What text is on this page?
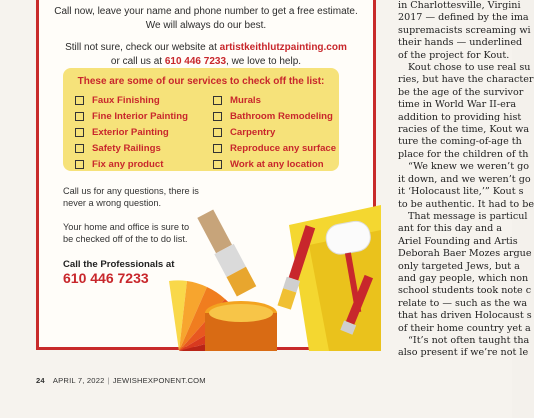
Call now, leave your name and phone number to get a free estimate.
We will always do our best.
Still not sure, check our website at artistkeithlutzpainting.com
or call us at 610 446 7233, we love to help.
These are some of our services to check off the list:
Faux Finishing
Fine Interior Painting
Exterior Painting
Safety Railings
Fix any product
Murals
Bathroom Remodeling
Carpentry
Reproduce any surface
Work at any location
Call us for any questions, there is
never a wrong question.
Your home and office is sure to
be checked off of the to do list.
Call the Professionals at
610 446 7233

in Charlottesville, Virgini

2017 — defined by the ima

supremacists screaming wi

their hands — underlined

of the project for Kout.

Kout chose to use real su

ries, but have the character

be the age of the survivor

time in World War II-era

addition to providing hist

racies of the time, Kout wa

ture the coming-of-age th

place for the children of th

“We knew we weren’t go

it down, and we weren’t go

it ‘Holocaust lite,’” Kout s

to be authentic. It had to be

That message is particul

ant for this day and a

Ariel Founding and Artis

Deborah Baer Mozes argue

only targeted Jews, but a

and gay people, which non

school students took note c

relate to — such as the wa

that has driven Holocaust s

of their home country yet a

“It’s not often taught tha

also present if we’re not le

24 APRIL 7, 2022 | JEWISHEXPONENT.COM
